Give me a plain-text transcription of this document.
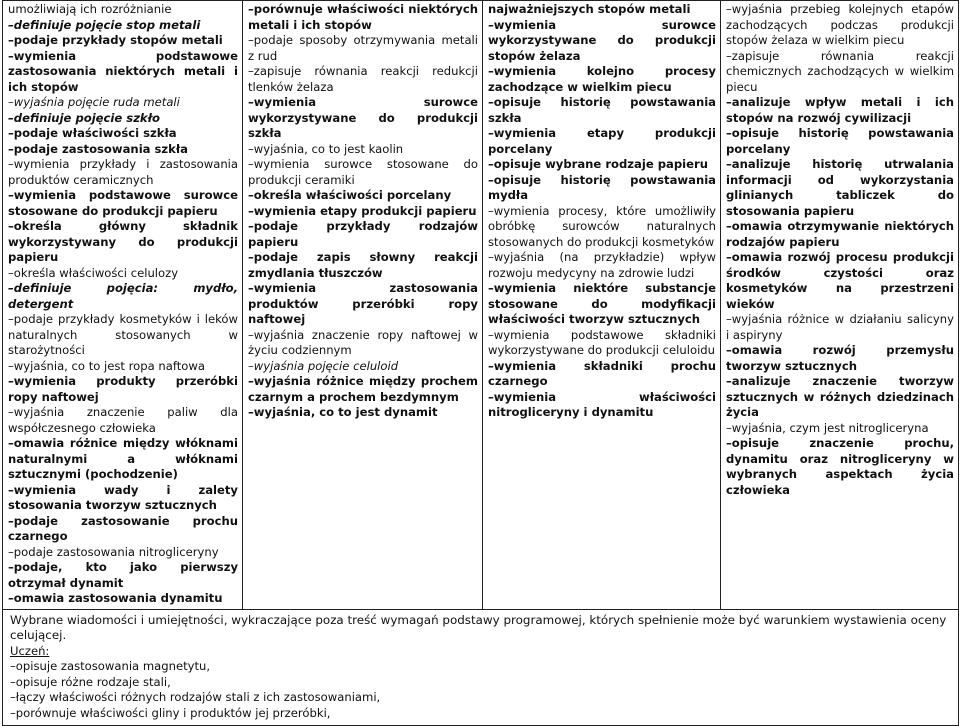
umożliwiają ich rozróżnianie
–definiuje pojęcie stop metali
–podaje przykłady stopów metali
–wymienia podstawowe zastosowania niektórych metali i ich stopów
–wyjaśnia pojęcie ruda metali
–definiuje pojęcie szkło
–podaje właściwości szkła
–podaje zastosowania szkła
–wymienia przykłady i zastosowania produktów ceramicznych
–wymienia podstawowe surowce stosowane do produkcji papieru
–określa główny składnik wykorzystywany do produkcji papieru
–określa właściwości celulozy
–definiuje pojęcia: mydło, detergent
–podaje przykłady kosmetyków i leków naturalnych stosowanych w starożytności
–wyjaśnia, co to jest ropa naftowa
–wymienia produkty przeróbki ropy naftowej
–wyjaśnia znaczenie paliw dla współczesnego człowieka
–omawia różnice między włóknami naturalnymi a włóknami sztucznymi (pochodzenie)
–wymienia wady i zalety stosowania tworzyw sztucznych
–podaje zastosowanie prochu czarnego
–podaje zastosowania nitrogliceryny
–podaje, kto jako pierwszy otrzymał dynamit
–omawia zastosowania dynamitu

–porównuje właściwości niektórych metali i ich stopów
–podaje sposoby otrzymywania metali z rud
–zapisuje równania reakcji redukcji tlenków żelaza
–wymienia surowce wykorzystywane do produkcji szkła
–wyjaśnia, co to jest kaolin
–wymienia surowce stosowane do produkcji ceramiki
–określa właściwości porcelany
–wymienia etapy produkcji papieru
–podaje przykłady rodzajów papieru
–podaje zapis słowny reakcji zmydlania tłuszczów
–wymienia zastosowania produktów przeróbki ropy naftowej
–wyjaśnia znaczenie ropy naftowej w życiu codziennym
–wyjaśnia pojęcie celuloid
–wyjaśnia różnice między prochem czarnym a prochem bezdymnym
–wyjaśnia, co to jest dynamit

najważniejszych stopów metali
–wymienia surowce wykorzystywane do produkcji stopów żelaza
–wymienia kolejno procesy zachodzące w wielkim piecu
–opisuje historię powstawania szkła
–wymienia etapy produkcji porcelany
–opisuje wybrane rodzaje papieru
–opisuje historię powstawania mydła
–wymienia procesy, które umożliwiły obróbkę surowców naturalnych stosowanych do produkcji kosmetyków
–wyjaśnia (na przykładzie) wpływ rozwoju medycyny na zdrowie ludzi
–wymienia niektóre substancje stosowane do modyfikacji właściwości tworzyw sztucznych
–wymienia podstawowe składniki wykorzystywane do produkcji celuloidu
–wymienia składniki prochu czarnego
–wymienia właściwości nitrogliceryny i dynamitu

–wyjaśnia przebieg kolejnych etapów zachodzących podczas produkcji stopów żelaza w wielkim piecu
–zapisuje równania reakcji chemicznych zachodzących w wielkim piecu
–analizuje wpływ metali i ich stopów na rozwój cywilizacji
–opisuje historię powstawania porcelany
–analizuje historię utrwalania informacji od wykorzystania glinianych tabliczek do stosowania papieru
–omawia otrzymywanie niektórych rodzajów papieru
–omawia rozwój procesu produkcji środków czystości oraz kosmetyków na przestrzeni wieków
–wyjaśnia różnice w działaniu salicyny i aspiryny
–omawia rozwój przemysłu tworzyw sztucznych
–analizuje znaczenie tworzyw sztucznych w różnych dziedzinach życia
–wyjaśnia, czym jest nitrogliceryna
–opisuje znaczenie prochu, dynamitu oraz nitrogliceryny w wybranych aspektach życia człowieka

Wybrane wiadomości i umiejętności, wykraczające poza treść wymagań podstawy programowej, których spełnienie może być warunkiem wystawienia oceny celującej.
Uczeń:
–opisuje zastosowania magnetytu,
–opisuje różne rodzaje stali,
–łączy właściwości różnych rodzajów stali z ich zastosowaniami,
–porównuje właściwości gliny i produktów jej przeróbki,
